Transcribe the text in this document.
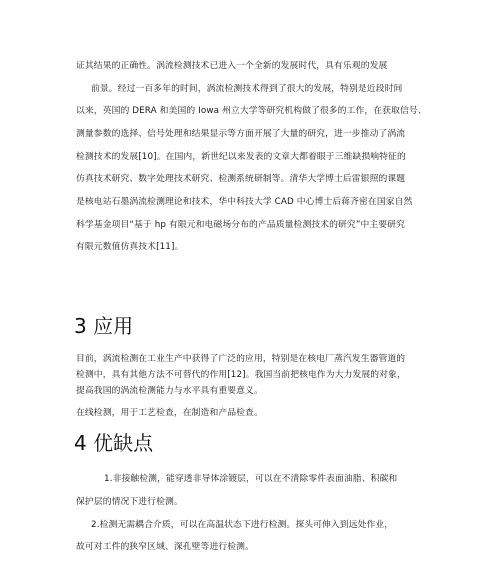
证其结果的正确性。涡流检测技术已进入一个全新的发展时代，具有乐观的发展
前景。经过一百多年的时间，涡流检测技术得到了很大的发展，特别是近段时间
以来，英国的 DERA 和美国的 Iowa 州立大学等研究机构做了很多的工作，在获取信号、
测量参数的选择、信号处理和结果显示等方面开展了大量的研究，进一步推动了涡流
检测技术的发展[10]。在国内，新世纪以来发表的文章大都着眼于三维缺损响特征的
仿真技术研究、数字处理技术研究、检测系统研制等。清华大学博士后雷银照的课题
是核电站石墨涡流检测理论和技术，华中科技大学 CAD 中心博士后蒋齐密在国家自然
科学基金项目“基于 hp 有限元和电磁场分布的产品质量检测技术的研究”中主要研究
有限元数值仿真技术[11]。
3 应用
目前，涡流检测在工业生产中获得了广泛的应用，特别是在核电厂蒸汽发生器管道的
检测中，具有其他方法不可替代的作用[12]。我国当前把核电作为大力发展的对象，
提高我国的涡流检测能力与水平具有重要意义。
在线检测，用于工艺检查，在制造和产品检查。
4 优缺点
1.非接触检测，能穿透非导体涂镀层，可以在不清除零件表面油脂、积碳和
保护层的情况下进行检测。
2.检测无需耦合介质，可以在高温状态下进行检测。探头可伸入到远处作业，
故可对工件的狭窄区域、深孔壁等进行检测。
